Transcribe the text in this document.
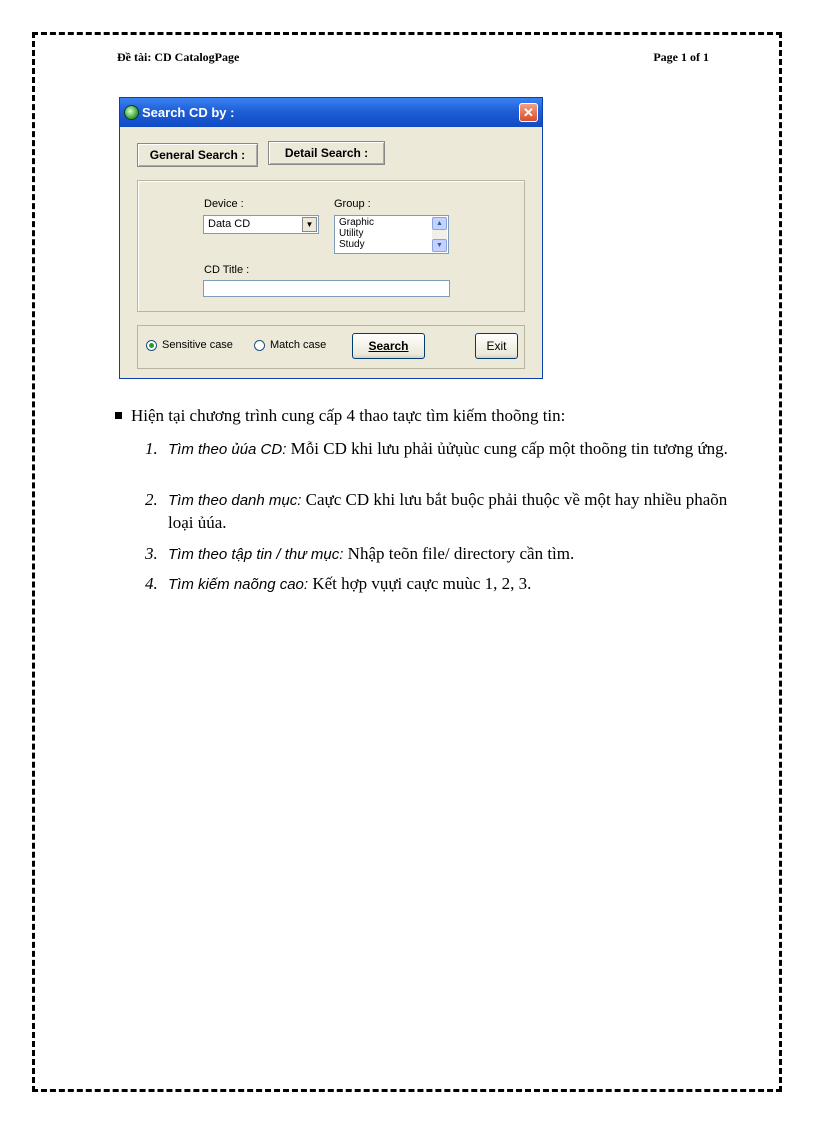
Đề tài: CD CatalogPage	Page 1 of 1
Search CD by :	✕
General Search :	Detail Search :
Device :	Group :
Data CD	▼	Graphic
Utility
Study
▲
▼
CD Title :
Sensitive case	Match case	Search	Exit
Hiện tại chương trình cung cấp 4 thao taực tìm kiếm thoõng tin:
1. Tìm theo ủúa CD: Mỗi CD khi lưu phải ủửụùc cung cấp một thoõng tin tương ứng.
2. Tìm theo danh mục: Caực CD khi lưu bắt buộc phải thuộc về một hay nhiều phaõn loại ủúa.
3. Tìm theo tập tin / thư mục: Nhập teõn file/ directory cần tìm.
4. Tìm kiếm naõng cao: Kết hợp vụựi caực muùc 1, 2, 3.
